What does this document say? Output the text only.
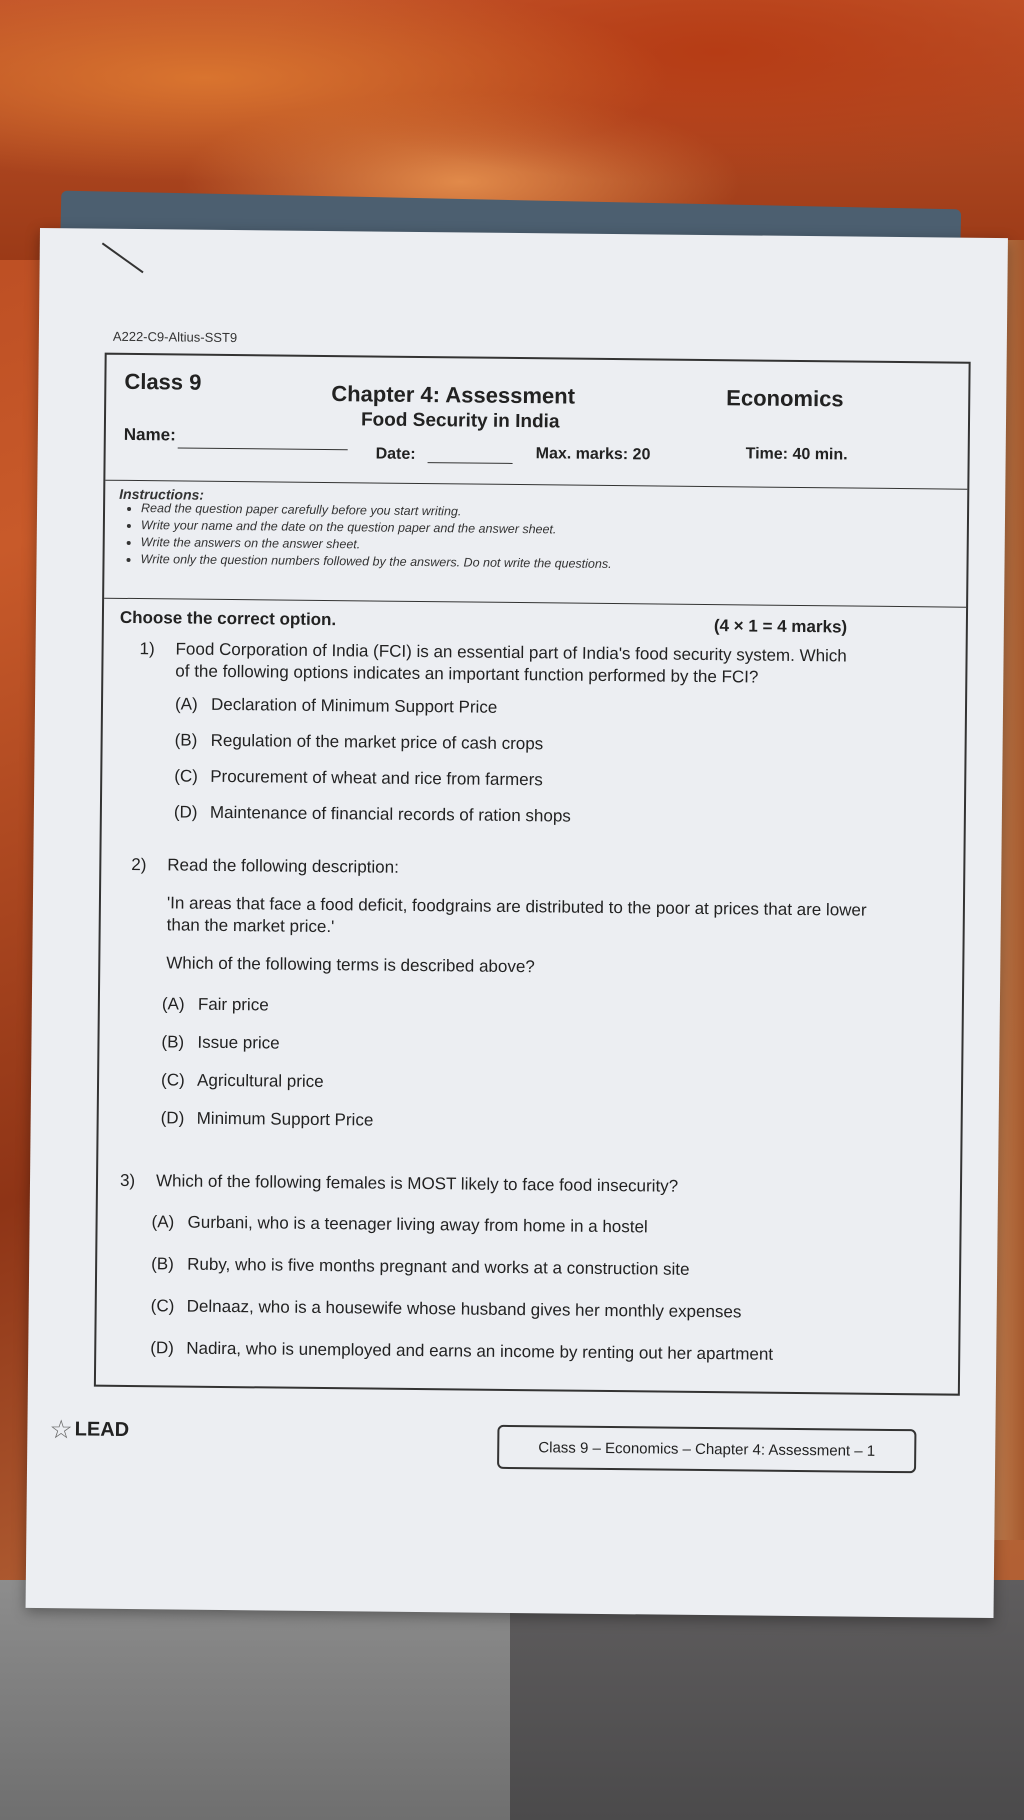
A222-C9-Altius-SST9
Class 9	Chapter 4: Assessment	Economics
Food Security in India
Name:
Date:	Max. marks: 20	Time: 40 min.
Instructions:
• Read the question paper carefully before you start writing.
• Write your name and the date on the question paper and the answer sheet.
• Write the answers on the answer sheet.
• Write only the question numbers followed by the answers. Do not write the questions.
Choose the correct option.	(4 × 1 = 4 marks)
1) Food Corporation of India (FCI) is an essential part of India's food security system. Which of the following options indicates an important function performed by the FCI?
(A) Declaration of Minimum Support Price
(B) Regulation of the market price of cash crops
(C) Procurement of wheat and rice from farmers
(D) Maintenance of financial records of ration shops
2) Read the following description:
'In areas that face a food deficit, foodgrains are distributed to the poor at prices that are lower than the market price.'
Which of the following terms is described above?
(A) Fair price
(B) Issue price
(C) Agricultural price
(D) Minimum Support Price
3) Which of the following females is MOST likely to face food insecurity?
(A) Gurbani, who is a teenager living away from home in a hostel
(B) Ruby, who is five months pregnant and works at a construction site
(C) Delnaaz, who is a housewife whose husband gives her monthly expenses
(D) Nadira, who is unemployed and earns an income by renting out her apartment
☆LEAD
Class 9 – Economics – Chapter 4: Assessment – 1
